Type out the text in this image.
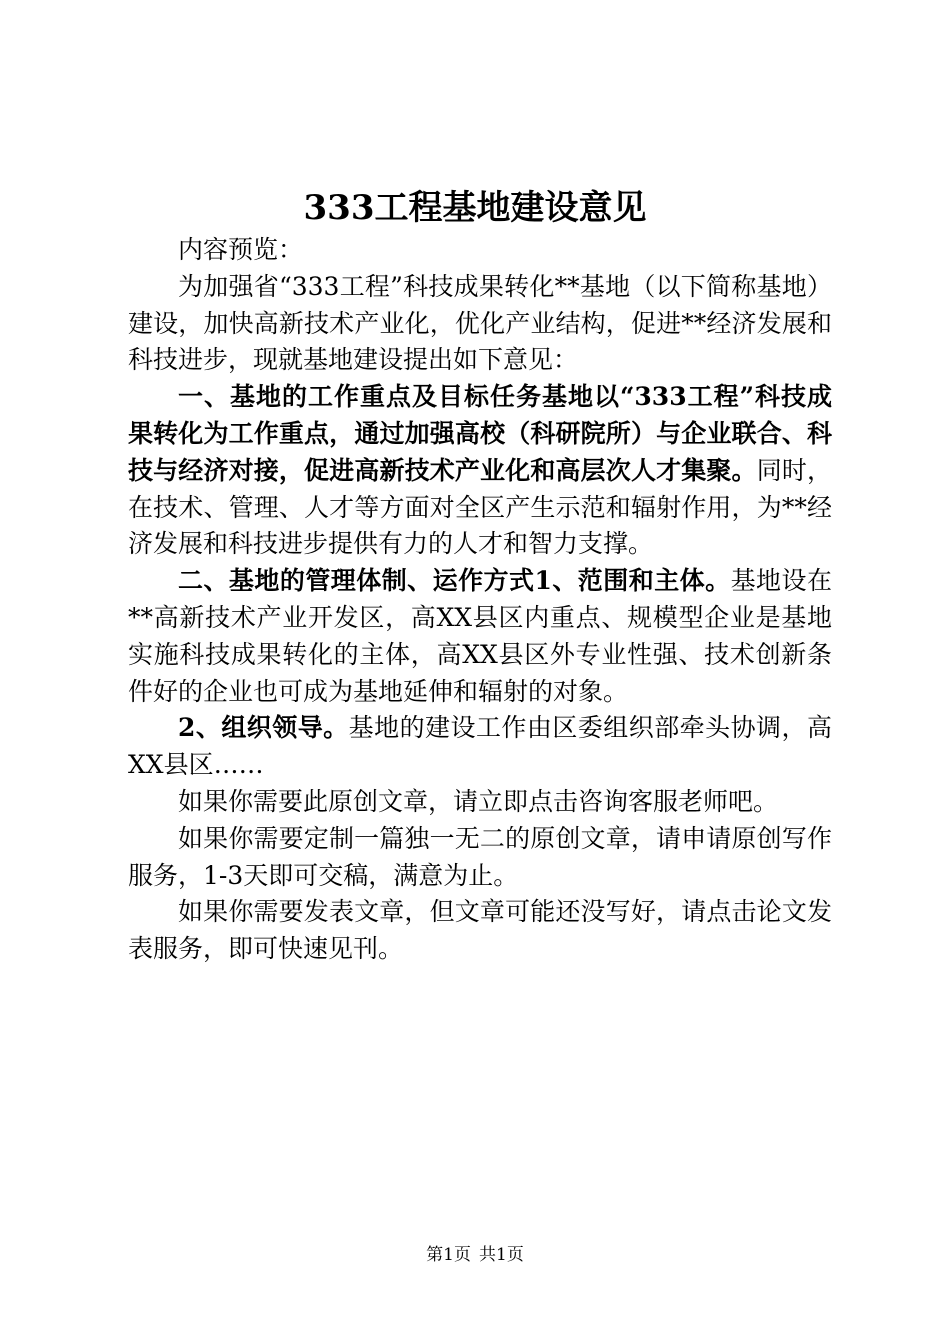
333工程基地建设意见

内容预览：

为加强省“333工程”科技成果转化**基地（以下简称基地）建设，加快高新技术产业化，优化产业结构，促进**经济发展和科技进步，现就基地建设提出如下意见：

一、基地的工作重点及目标任务基地以“333工程”科技成果转化为工作重点，通过加强高校（科研院所）与企业联合、科技与经济对接，促进高新技术产业化和高层次人才集聚。同时，在技术、管理、人才等方面对全区产生示范和辐射作用，为**经济发展和科技进步提供有力的人才和智力支撑。

二、基地的管理体制、运作方式1、范围和主体。基地设在**高新技术产业开发区，高XX县区内重点、规模型企业是基地实施科技成果转化的主体，高XX县区外专业性强、技术创新条件好的企业也可成为基地延伸和辐射的对象。

2、组织领导。基地的建设工作由区委组织部牵头协调，高XX县区……

如果你需要此原创文章，请立即点击咨询客服老师吧。

如果你需要定制一篇独一无二的原创文章，请申请原创写作服务，1-3天即可交稿，满意为止。

如果你需要发表文章，但文章可能还没写好，请点击论文发表服务，即可快速见刊。

第1页 共1页
